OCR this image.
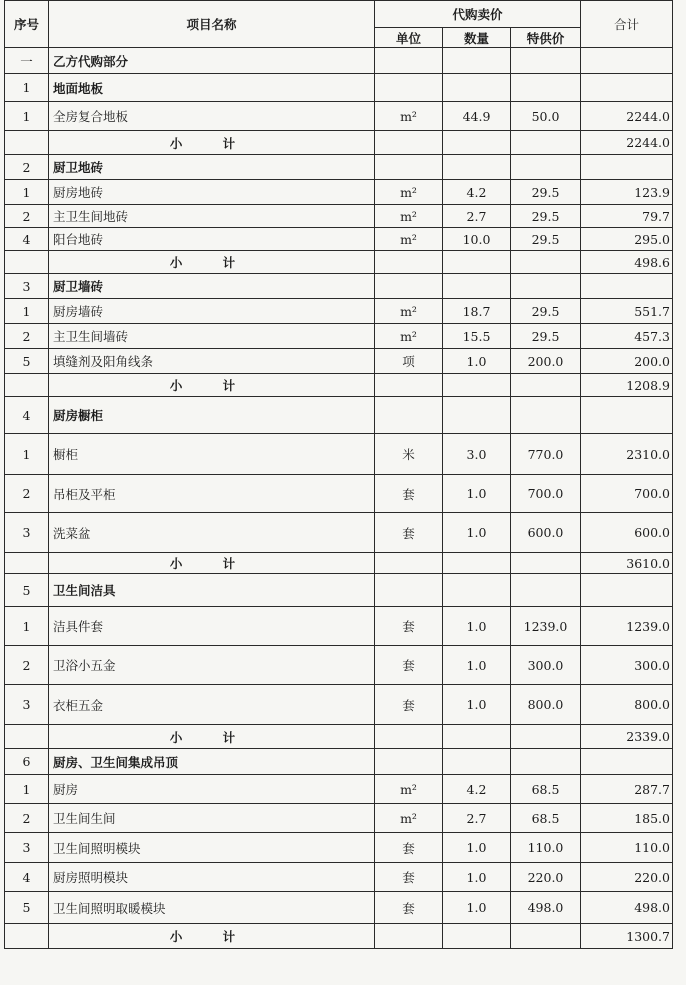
序号	项目名称	代购卖价			合计
		单位	数量	特供价	
一	乙方代购部分				
1	地面地板				
1	全房复合地板	m²	44.9	50.0	2244.0
	小 计				2244.0
2	厨卫地砖				
1	厨房地砖	m²	4.2	29.5	123.9
2	主卫生间地砖	m²	2.7	29.5	79.7
4	阳台地砖	m²	10.0	29.5	295.0
	小 计				498.6
3	厨卫墙砖				
1	厨房墙砖	m²	18.7	29.5	551.7
2	主卫生间墙砖	m²	15.5	29.5	457.3
5	填缝剂及阳角线条	项	1.0	200.0	200.0
	小 计				1208.9
4	厨房橱柜				
1	橱柜	米	3.0	770.0	2310.0
2	吊柜及平柜	套	1.0	700.0	700.0
3	洗菜盆	套	1.0	600.0	600.0
	小 计				3610.0
5	卫生间洁具				
1	洁具件套	套	1.0	1239.0	1239.0
2	卫浴小五金	套	1.0	300.0	300.0
3	衣柜五金	套	1.0	800.0	800.0
	小 计				2339.0
6	厨房、卫生间集成吊顶				
1	厨房	m²	4.2	68.5	287.7
2	卫生间生间	m²	2.7	68.5	185.0
3	卫生间照明模块	套	1.0	110.0	110.0
4	厨房照明模块	套	1.0	220.0	220.0
5	卫生间照明取暖模块	套	1.0	498.0	498.0
	小 计				1300.7
